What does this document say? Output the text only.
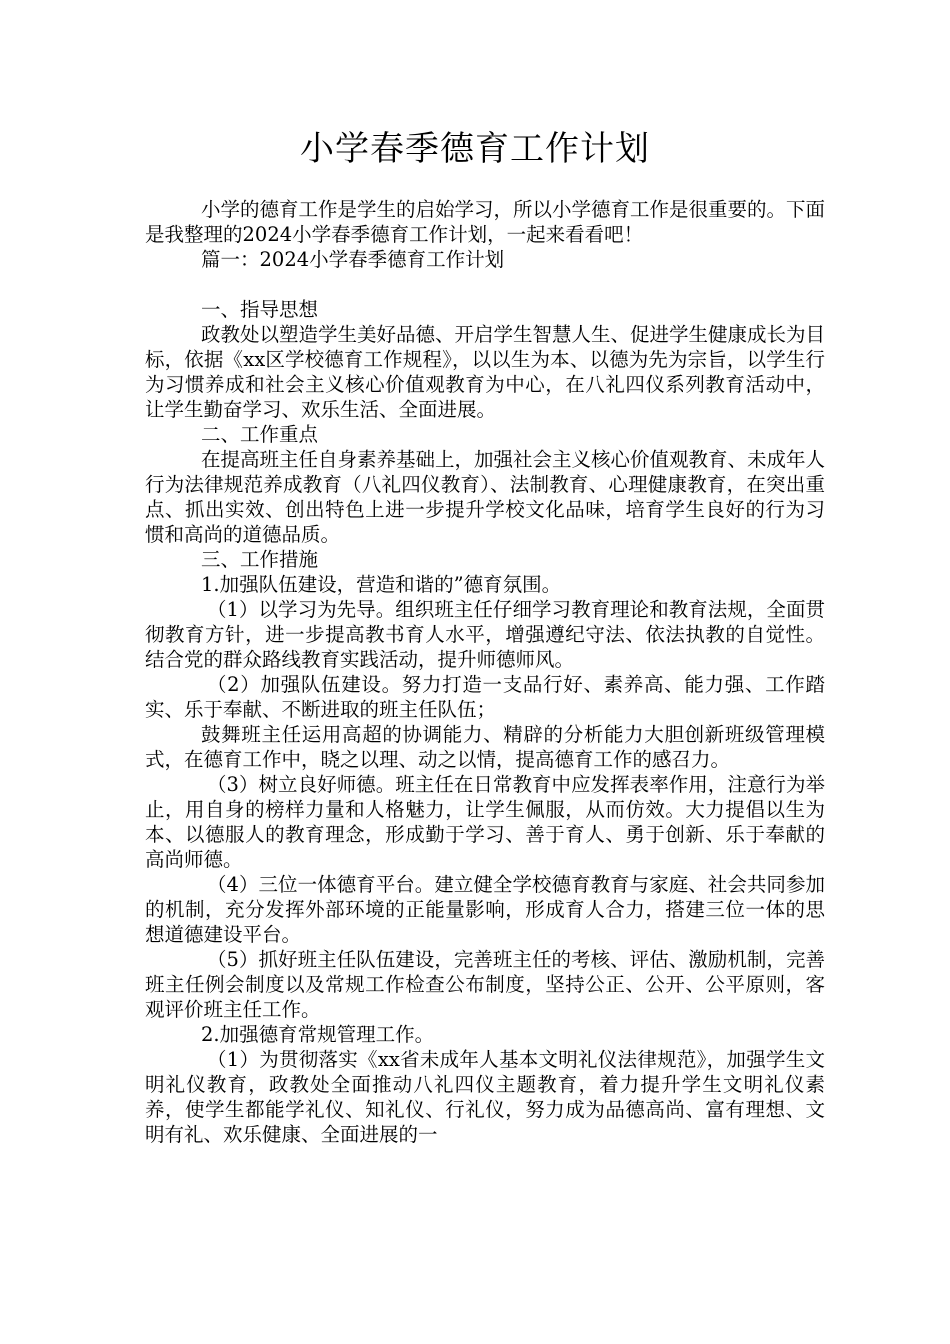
小学春季德育工作计划

小学的德育工作是学生的启始学习，所以小学德育工作是很重要的。下面是我整理的2024小学春季德育工作计划，一起来看看吧！

篇一：2024小学春季德育工作计划

一、指导思想

政教处以塑造学生美好品德、开启学生智慧人生、促进学生健康成长为目标，依据《xx区学校德育工作规程》，以以生为本、以德为先为宗旨，以学生行为习惯养成和社会主义核心价值观教育为中心，在八礼四仪系列教育活动中，让学生勤奋学习、欢乐生活、全面进展。

二、工作重点

在提高班主任自身素养基础上，加强社会主义核心价值观教育、未成年人行为法律规范养成教育（八礼四仪教育）、法制教育、心理健康教育，在突出重点、抓出实效、创出特色上进一步提升学校文化品味，培育学生良好的行为习惯和高尚的道德品质。

三、工作措施

1.加强队伍建设，营造和谐的”德育氛围。

（1）以学习为先导。组织班主任仔细学习教育理论和教育法规，全面贯彻教育方针，进一步提高教书育人水平，增强遵纪守法、依法执教的自觉性。结合党的群众路线教育实践活动，提升师德师风。

（2）加强队伍建设。努力打造一支品行好、素养高、能力强、工作踏实、乐于奉献、不断进取的班主任队伍；

鼓舞班主任运用高超的协调能力、精辟的分析能力大胆创新班级管理模式，在德育工作中，晓之以理、动之以情，提高德育工作的感召力。

（3）树立良好师德。班主任在日常教育中应发挥表率作用，注意行为举止，用自身的榜样力量和人格魅力，让学生佩服，从而仿效。大力提倡以生为本、以德服人的教育理念，形成勤于学习、善于育人、勇于创新、乐于奉献的高尚师德。

（4）三位一体德育平台。建立健全学校德育教育与家庭、社会共同参加的机制，充分发挥外部环境的正能量影响，形成育人合力，搭建三位一体的思想道德建设平台。

（5）抓好班主任队伍建设，完善班主任的考核、评估、激励机制，完善班主任例会制度以及常规工作检查公布制度，坚持公正、公开、公平原则，客观评价班主任工作。

2.加强德育常规管理工作。

（1）为贯彻落实《xx省未成年人基本文明礼仪法律规范》，加强学生文明礼仪教育，政教处全面推动八礼四仪主题教育，着力提升学生文明礼仪素养，使学生都能学礼仪、知礼仪、行礼仪，努力成为品德高尚、富有理想、文明有礼、欢乐健康、全面进展的一
